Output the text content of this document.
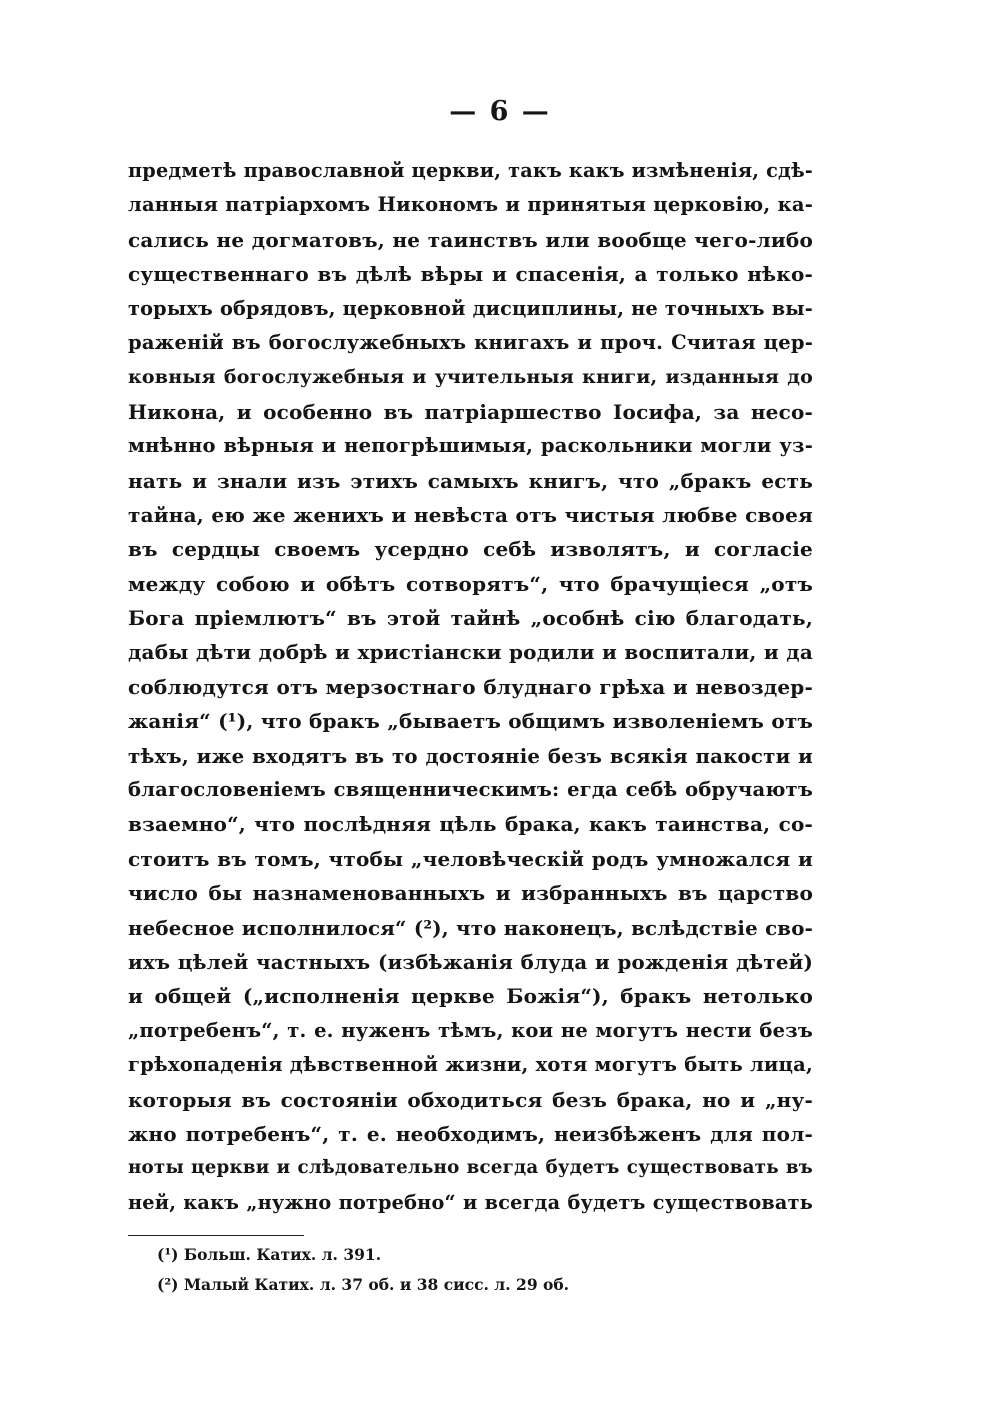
— 6 —
предметѣ православной церкви, такъ какъ измѣненія, сдѣ-
ланныя патріархомъ Никономъ и принятыя церковію, ка-
сались не догматовъ, не таинствъ или вообще чего-либо
существеннаго въ дѣлѣ вѣры и спасенія, а только нѣко-
торыхъ обрядовъ, церковной дисциплины, не точныхъ вы-
раженій въ богослужебныхъ книгахъ и проч. Считая цер-
ковныя богослужебныя и учительныя книги, изданныя до
Никона, и особенно въ патріаршество Іосифа, за несо-
мнѣнно вѣрныя и непогрѣшимыя, раскольники могли уз-
нать и знали изъ этихъ самыхъ книгъ, что „бракъ есть
тайна, ею же женихъ и невѣста отъ чистыя любве своея
въ сердцы своемъ усердно себѣ изволятъ, и согласіе
между собою и обѣтъ сотворятъ“, что брачущіеся „отъ
Бога пріемлютъ“ въ этой тайнѣ „особнѣ сію благодать,
дабы дѣти добрѣ и христіански родили и воспитали, и да
соблюдутся отъ мерзостнаго блуднаго грѣха и невоздер-
жанія“ (¹), что бракъ „бываетъ общимъ изволеніемъ отъ
тѣхъ, иже входятъ въ то достояніе безъ всякія пакости и
благословеніемъ священническимъ: егда себѣ обручаютъ
взаемно“, что послѣдняя цѣль брака, какъ таинства, со-
стоитъ въ томъ, чтобы „человѣческій родъ умножался и
число бы назнаменованныхъ и избранныхъ въ царство
небесное исполнилося“ (²), что наконецъ, вслѣдствіе сво-
ихъ цѣлей частныхъ (избѣжанія блуда и рожденія дѣтей)
и общей („исполненія церкве Божія“), бракъ нетолько
„потребенъ“, т. е. нуженъ тѣмъ, кои не могутъ нести безъ
грѣхопаденія дѣвственной жизни, хотя могутъ быть лица,
которыя въ состояніи обходиться безъ брака, но и „ну-
жно потребенъ“, т. е. необходимъ, неизбѣженъ для пол-
ноты церкви и слѣдовательно всегда будетъ существовать въ
ней, какъ „нужно потребно“ и всегда будетъ существовать
(¹) Больш. Катих. л. 391.
(²) Малый Катих. л. 37 об. и 38 сисс. л. 29 об.
